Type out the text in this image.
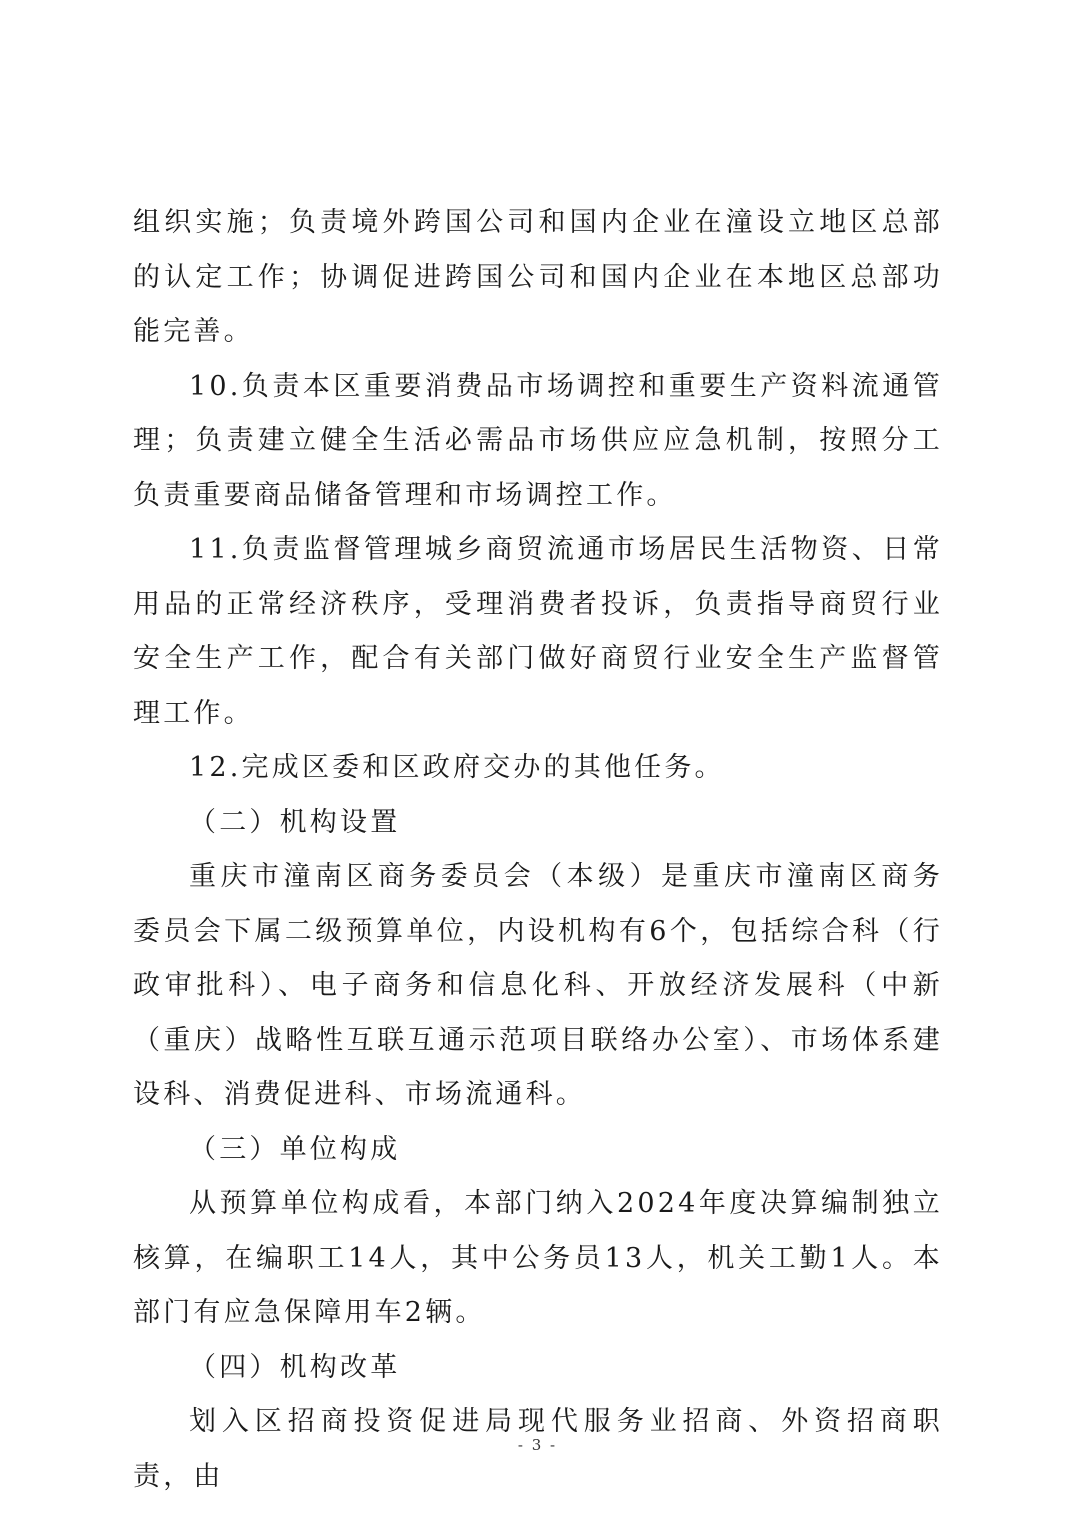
组织实施；负责境外跨国公司和国内企业在潼设立地区总部的认定工作；协调促进跨国公司和国内企业在本地区总部功能完善。

10.负责本区重要消费品市场调控和重要生产资料流通管理；负责建立健全生活必需品市场供应应急机制，按照分工负责重要商品储备管理和市场调控工作。

11.负责监督管理城乡商贸流通市场居民生活物资、日常用品的正常经济秩序，受理消费者投诉，负责指导商贸行业安全生产工作，配合有关部门做好商贸行业安全生产监督管理工作。

12.完成区委和区政府交办的其他任务。

（二）机构设置

重庆市潼南区商务委员会（本级）是重庆市潼南区商务委员会下属二级预算单位，内设机构有6个，包括综合科（行政审批科）、电子商务和信息化科、开放经济发展科（中新（重庆）战略性互联互通示范项目联络办公室）、市场体系建设科、消费促进科、市场流通科。

（三）单位构成

从预算单位构成看，本部门纳入2024年度决算编制独立核算，在编职工14人，其中公务员13人，机关工勤1人。本部门有应急保障用车2辆。

（四）机构改革

划入区招商投资促进局现代服务业招商、外资招商职责，由

- 3 -
